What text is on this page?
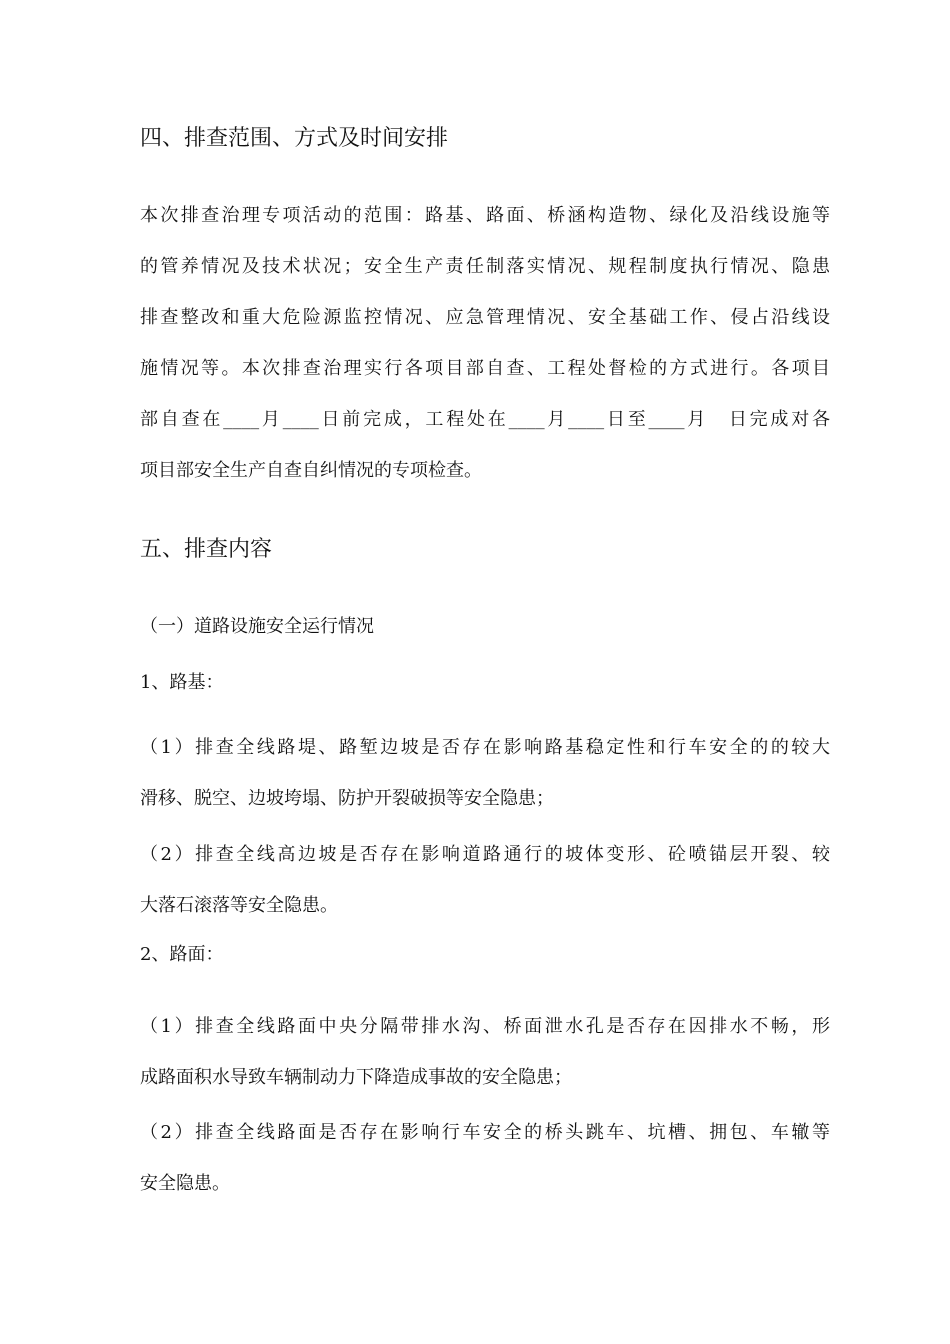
四、排查范围、方式及时间安排
本次排查治理专项活动的范围：路基、路面、桥涵构造物、绿化及沿线设施等
的管养情况及技术状况；安全生产责任制落实情况、规程制度执行情况、隐患
排查整改和重大危险源监控情况、应急管理情况、安全基础工作、侵占沿线设
施情况等。本次排查治理实行各项目部自查、工程处督检的方式进行。各项目
部自查在____月____日前完成，工程处在____月____日至____月　日完成对各
项目部安全生产自查自纠情况的专项检查。
五、排查内容

（一）道路设施安全运行情况

1、路基：

（1）排查全线路堤、路堑边坡是否存在影响路基稳定性和行车安全的的较大
滑移、脱空、边坡垮塌、防护开裂破损等安全隐患；
（2）排查全线高边坡是否存在影响道路通行的坡体变形、砼喷锚层开裂、较
大落石滚落等安全隐患。

2、路面：

（1）排查全线路面中央分隔带排水沟、桥面泄水孔是否存在因排水不畅，形
成路面积水导致车辆制动力下降造成事故的安全隐患；
（2）排查全线路面是否存在影响行车安全的桥头跳车、坑槽、拥包、车辙等
安全隐患。
